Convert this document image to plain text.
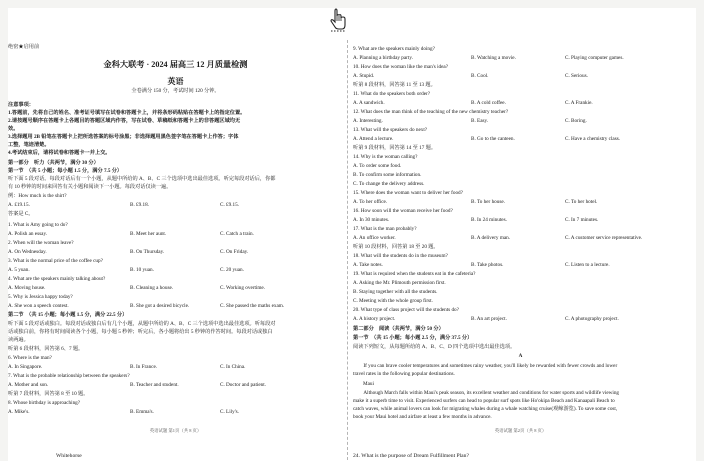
绝密★启用前
金科大联考 · 2024 届高三 12 月质量检测
英语
全卷满分 150 分，考试时间 120 分钟。
注意事项：
1.答题前，先将自己的姓名、准考证号填写在试卷和答题卡上，并将条形码粘贴在答题卡上的指定位置。
2.请按题号顺序在答题卡上各题目的答题区域内作答，写在试卷、草稿纸和答题卡上的非答题区域均无
效。
3.选择题用 2B 铅笔在答题卡上把所选答案的标号涂黑；非选择题用黑色签字笔在答题卡上作答；字体
工整，笔迹清楚。
4.考试结束后，请将试卷和答题卡一并上交。
第一部分　听力（共两节，满分 30 分）
第一节　（共 5 小题；每小题 1.5 分，满分 7.5 分）
听下面 5 段对话。每段对话后有一个小题，从题中所给的 A、B、C 三个选项中选出最佳选项。听完每段对话后，你都
有 10 秒钟的时间来回答有关小题和阅读下一小题。每段对话仅读一遍。
例：How much is the shirt?
A. £19.15.	B. £9.18.	C. £9.15.
答案是 C。
1. What is Amy going to do?
A. Polish an essay.	B. Meet her aunt.	C. Catch a train.
2. When will the woman leave?
A. On Wednesday.	B. On Thursday.	C. On Friday.
3. What is the normal price of the coffee cup?
A. 5 yuan.	B. 10 yuan.	C. 20 yuan.
4. What are the speakers mainly talking about?
A. Moving house.	B. Cleaning a house.	C. Working overtime.
5. Why is Jessica happy today?
A. She won a speech contest.	B. She got a desired bicycle.	C. She passed the maths exam.
第二节　（共 15 小题；每小题 1.5 分，满分 22.5 分）
听下面 5 段对话或独白。每段对话或独白后有几个小题，从题中所给的 A、B、C 三个选项中选出最佳选项。听每段对
话或独白前，你将有时间阅读各个小题，每小题 5 秒钟；听完后，各小题将给出 5 秒钟的作答时间。每段对话或独白
读两遍。
听第 6 段材料，回答第 6、7 题。
6. Where is the man?
A. In Singapore.	B. In France.	C. In China.
7. What is the probable relationship between the speakers?
A. Mother and son.	B. Teacher and student.	C. Doctor and patient.
听第 7 段材料，回答第 8 至 10 题。
8. Whose birthday is approaching?
A. Mike's.	B. Emma's.	C. Lily's.
英语试题 第1页（共 8 页）
Whitehorse
9. What are the speakers mainly doing?
A. Planning a birthday party.	B. Watching a movie.	C. Playing computer games.
10. How does the woman like the man's idea?
A. Stupid.	B. Cool.	C. Serious.
听第 8 段材料，回答第 11 至 13 题。
11. What do the speakers both order?
A. A sandwich.	B. A cold coffee.	C. A Frankie.
12. What does the man think of the teaching of the new chemistry teacher?
A. Interesting.	B. Easy.	C. Boring.
13. What will the speakers do next?
A. Attend a lecture.	B. Go to the canteen.	C. Have a chemistry class.
听第 9 段材料，回答第 14 至 17 题。
14. Why is the woman calling?
A. To order some food.
B. To confirm some information.
C. To change the delivery address.
15. Where does the woman want to deliver her food?
A. To her office.	B. To her house.	C. To her hotel.
16. How soon will the woman receive her food?
A. In 30 minutes.	B. In 24 minutes.	C. In 7 minutes.
17. What is the man probably?
A. An office worker.	B. A delivery man.	C. A customer service representative.
听第 10 段材料，回答第 18 至 20 题。
18. What will the students do in the museum?
A. Take notes.	B. Take photos.	C. Listen to a lecture.
19. What is required when the students eat in the cafeteria?
A. Asking the Mr. Plimouth permission first.
B. Staying together with all the students.
C. Meeting with the whole group first.
20. What type of class project will the students do?
A. A history project.	B. An art project.	C. A photography project.
第二部分　阅读（共两节，满分 50 分）
第一节　（共 15 小题；每小题 2.5 分，满分 37.5 分）
阅读下列短文，从每题所给的 A、B、C、D 四个选项中选出最佳选项。
A
　　If you can brave cooler temperatures and sometimes rainy weather, you'll likely be rewarded with fewer crowds and lower
travel rates in the following popular destinations.
Maui
　　Although March falls within Maui's peak season, its excellent weather and conditions for water sports and wildlife viewing
make it a superb time to visit. Experienced surfers can head to popular surf spots like Ho'okipa Beach and Kanaapali Beach to
catch waves, while animal lovers can look for migrating whales during a whale watching cruise(观鲸游览). To save some cost,
book your Maui hotel and airfare at least a few months in advance.
英语试题 第2页（共 8 页）
24. What is the purpose of Dream Fulfillment Plan?
